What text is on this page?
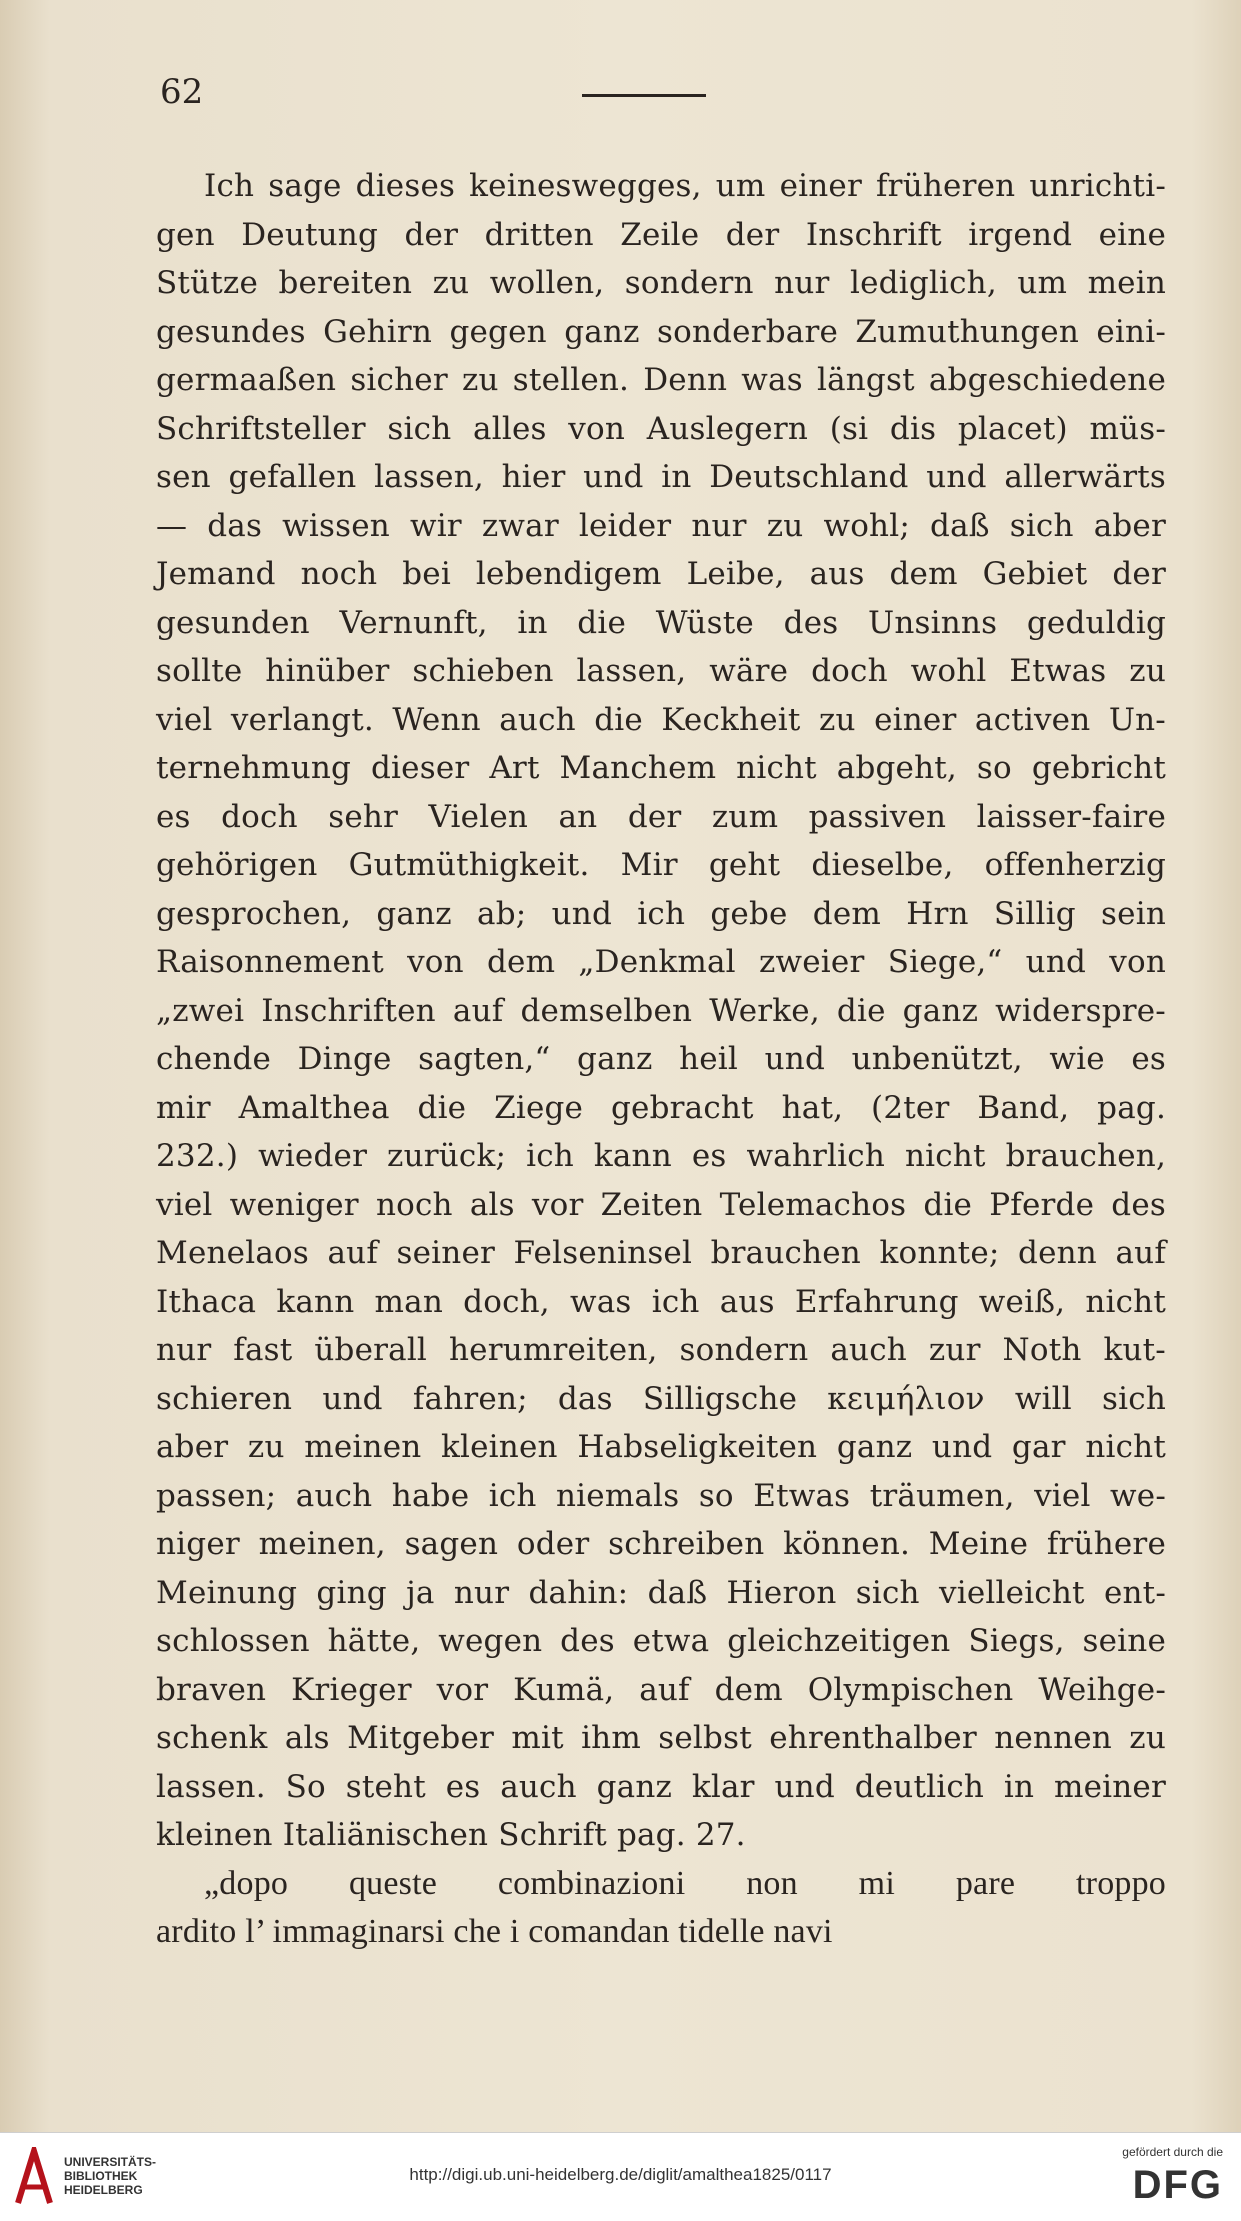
62
Ich sage dieses keineswegges, um einer früheren unrichti-
gen Deutung der dritten Zeile der Inschrift irgend eine
Stütze bereiten zu wollen, sondern nur lediglich, um mein
gesundes Gehirn gegen ganz sonderbare Zumuthungen eini-
germaaßen sicher zu stellen. Denn was längst abgeschiedene
Schriftsteller sich alles von Auslegern (si dis placet) müs-
sen gefallen lassen, hier und in Deutschland und allerwärts
— das wissen wir zwar leider nur zu wohl; daß sich aber
Jemand noch bei lebendigem Leibe, aus dem Gebiet der
gesunden Vernunft, in die Wüste des Unsinns geduldig
sollte hinüber schieben lassen, wäre doch wohl Etwas zu
viel verlangt. Wenn auch die Keckheit zu einer activen Un-
ternehmung dieser Art Manchem nicht abgeht, so gebricht
es doch sehr Vielen an der zum passiven laisser-faire
gehörigen Gutmüthigkeit. Mir geht dieselbe, offenherzig
gesprochen, ganz ab; und ich gebe dem Hrn Sillig sein
Raisonnement von dem „Denkmal zweier Siege,“ und von
„zwei Inschriften auf demselben Werke, die ganz widerspre-
chende Dinge sagten,“ ganz heil und unbenützt, wie es
mir Amalthea die Ziege gebracht hat, (2ter Band, pag.
232.) wieder zurück; ich kann es wahrlich nicht brauchen,
viel weniger noch als vor Zeiten Telemachos die Pferde des
Menelaos auf seiner Felseninsel brauchen konnte; denn auf
Ithaca kann man doch, was ich aus Erfahrung weiß, nicht
nur fast überall herumreiten, sondern auch zur Noth kut-
schieren und fahren; das Silligsche κειμήλιον will sich
aber zu meinen kleinen Habseligkeiten ganz und gar nicht
passen; auch habe ich niemals so Etwas träumen, viel we-
niger meinen, sagen oder schreiben können. Meine frühere
Meinung ging ja nur dahin: daß Hieron sich vielleicht ent-
schlossen hätte, wegen des etwa gleichzeitigen Siegs, seine
braven Krieger vor Kumä, auf dem Olympischen Weihge-
schenk als Mitgeber mit ihm selbst ehrenthalber nennen zu
lassen. So steht es auch ganz klar und deutlich in meiner
kleinen Italiänischen Schrift pag. 27.
„dopo queste combinazioni non mi pare troppo
ardito l’ immaginarsi che i comandan tidelle navi
UNIVERSITÄTS-
BIBLIOTHEK
HEIDELBERG
http://digi.ub.uni-heidelberg.de/diglit/amalthea1825/0117
gefördert durch die
DFG
